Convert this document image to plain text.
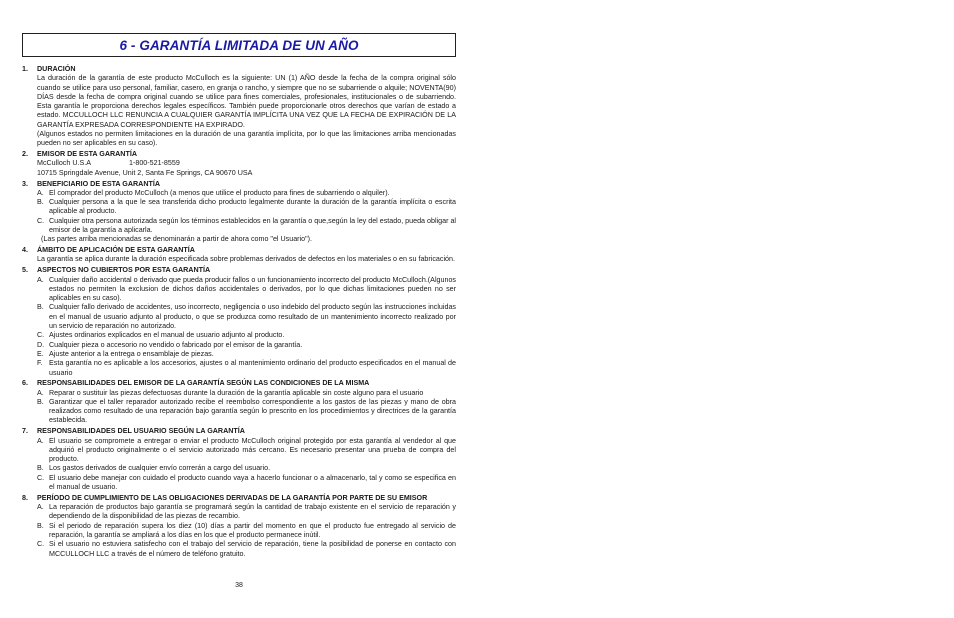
6 - GARANTÍA LIMITADA DE UN AÑO
1.	DURACIÓN

La duración de la garantía de este producto McCulloch es la siguiente: UN (1) AÑO desde la fecha de la compra original sólo cuando se utilice para uso personal, familiar, casero, en granja o rancho, y siempre que no se subarriende o alquile; NOVENTA(90) DÍAS desde la fecha de compra original cuando se utilice para fines comerciales, profesionales, institucionales o de subarriendo. Esta garantía le proporciona derechos legales específicos. También puede proporcionarle otros derechos que varían de estado a estado. MCCULLOCH LLC RENUNCIA A CUALQUIER GARANTÍA IMPLÍCITA UNA VEZ QUE LA FECHA DE EXPIRACIÓN DE LA GARANTÍA EXPRESADA CORRESPONDIENTE HA EXPIRADO.

(Algunos estados no permiten limitaciones en la duración de una garantía implícita, por lo que las limitaciones arriba mencionadas pueden no ser aplicables en su caso).

2.	EMISOR DE ESTA GARANTÍA
McCulloch U.S.A	1-800-521-8559

10715 Springdale Avenue, Unit 2, Santa Fe Springs, CA 90670 USA

3.	BENEFICIARIO DE ESTA GARANTÍA
A. El comprador del producto McCulloch (a menos que utilice el producto para fines de subarriendo o alquiler).
B. Cualquier persona a la que le sea transferida dicho producto legalmente durante la duración de la garantía implícita o escrita aplicable al producto.
C. Cualquier otra persona autorizada según los términos establecidos en la garantía o que,según la ley del estado, pueda obligar al emisor de la garantía a aplicarla.

(Las partes arriba mencionadas se denominarán a partir de ahora como "el Usuario").

4.	ÁMBITO DE APLICACIÓN DE ESTA GARANTÍA

La garantía se aplica durante la duración especificada sobre problemas derivados de defectos en los materiales o en su fabricación.

5.	ASPECTOS NO CUBIERTOS POR ESTA GARANTÍA
A. Cualquier daño accidental o derivado que pueda producir fallos o un funcionamiento incorrecto del producto McCulloch.(Algunos estados no permiten la exclusion de dichos daños accidentales o derivados, por lo que dichas limitaciones pueden no ser aplicables en su caso).
B. Cualquier fallo derivado de accidentes, uso incorrecto, negligencia o uso indebido del producto según las instrucciones incluidas en el manual de usuario adjunto al producto, o que se produzca como resultado de un mantenimiento incorrecto realizado por un servicio de reparación no autorizado.
C. Ajustes ordinarios explicados en el manual de usuario adjunto al producto.
D. Cualquier pieza o accesorio no vendido o fabricado por el emisor de la garantía.
E. Ajuste anterior a la entrega o ensamblaje de piezas.
F. Esta garantía no es aplicable a los accesorios, ajustes o al mantenimiento ordinario del producto especificados en el manual de usuario
6.	RESPONSABILIDADES DEL EMISOR DE LA GARANTÍA SEGÚN LAS CONDICIONES DE LA MISMA
A. Reparar o sustituir las piezas defectuosas durante la duración de la garantía aplicable sin coste alguno para el usuario
B. Garantizar que el taller reparador autorizado recibe el reembolso correspondiente a los gastos de las piezas y mano de obra realizados como resultado de una reparación bajo garantía según lo prescrito en los procedimientos y directrices de la garantía establecida.
7.	RESPONSABILIDADES DEL USUARIO SEGÚN LA GARANTÍA
A. El usuario se compromete a entregar o enviar el producto McCulloch original protegido por esta garantía al vendedor al que adquirió el producto originalmente o el servicio autorizado más cercano. Es necesario presentar una prueba de compra del producto.
B. Los gastos derivados de cualquier envío correrán a cargo del usuario.
C. El usuario debe manejar con cuidado el producto cuando vaya a hacerlo funcionar o a almacenarlo, tal y como se especifica en el manual de usuario.
8.	PERÍODO DE CUMPLIMIENTO DE LAS OBLIGACIONES DERIVADAS DE LA GARANTÍA POR PARTE DE SU EMISOR
A. La reparación de productos bajo garantía se programará según la cantidad de trabajo existente en el servicio de reparación y dependiendo de la disponibilidad de las piezas de recambio.
B. Si el periodo de reparación supera los diez (10) días a partir del momento en que el producto fue entregado al servicio de reparación, la garantía se ampliará a los días en los que el producto permanece inútil.
C. Si el usuario no estuviera satisfecho con el trabajo del servicio de reparación, tiene la posibilidad de ponerse en contacto con MCCULLOCH LLC a través de el número de teléfono gratuito.
38
